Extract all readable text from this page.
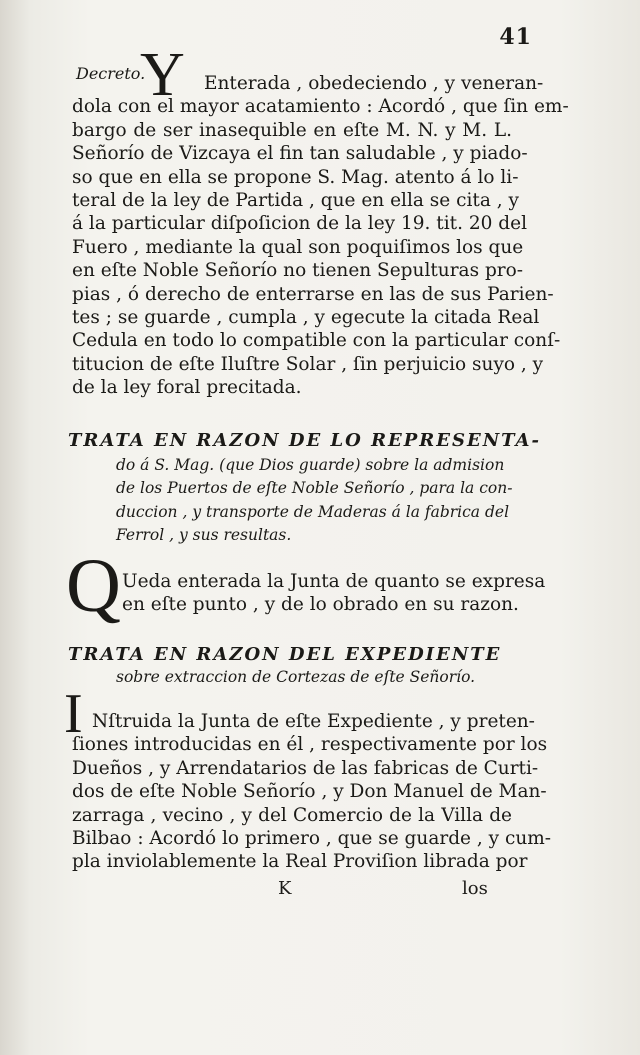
41
Decreto.
Y	Enterada , obedeciendo , y veneran-
dola con el mayor acatamiento : Acordó , que ſin em-
bargo de ser inasequible en eſte M. N. y M. L.
Señorío de Vizcaya el fin tan saludable , y piado-
so que en ella se propone S. Mag. atento á lo li-
teral de la ley de Partida , que en ella se cita , y
á la particular diſpoſicion de la ley 19. tit. 20 del
Fuero , mediante la qual son poquiſimos los que
en eſte Noble Señorío no tienen Sepulturas pro-
pias , ó derecho de enterrarse en las de sus Parien-
tes ; se guarde , cumpla , y egecute la citada Real
Cedula en todo lo compatible con la particular conſ-
titucion de eſte Iluſtre Solar , ſin perjuicio suyo , y
de la ley foral precitada.
TRATA EN RAZON DE LO REPRESENTA-
do á S. Mag. (que Dios guarde) sobre la admision
de los Puertos de eſte Noble Señorío , para la con-
duccion , y transporte de Maderas á la fabrica del
Ferrol , y sus resultas.
Q Ueda enterada la Junta de quanto se expresa
en eſte punto , y de lo obrado en su razon.
TRATA EN RAZON DEL EXPEDIENTE
sobre extraccion de Cortezas de eſte Señorío.
I Nſtruida la Junta de eſte Expediente , y preten-
ſiones introducidas en él , respectivamente por los
Dueños , y Arrendatarios de las fabricas de Curti-
dos de eſte Noble Señorío , y Don Manuel de Man-
zarraga , vecino , y del Comercio de la Villa de
Bilbao : Acordó lo primero , que se guarde , y cum-
pla inviolablemente la Real Proviſion librada por
K	los
